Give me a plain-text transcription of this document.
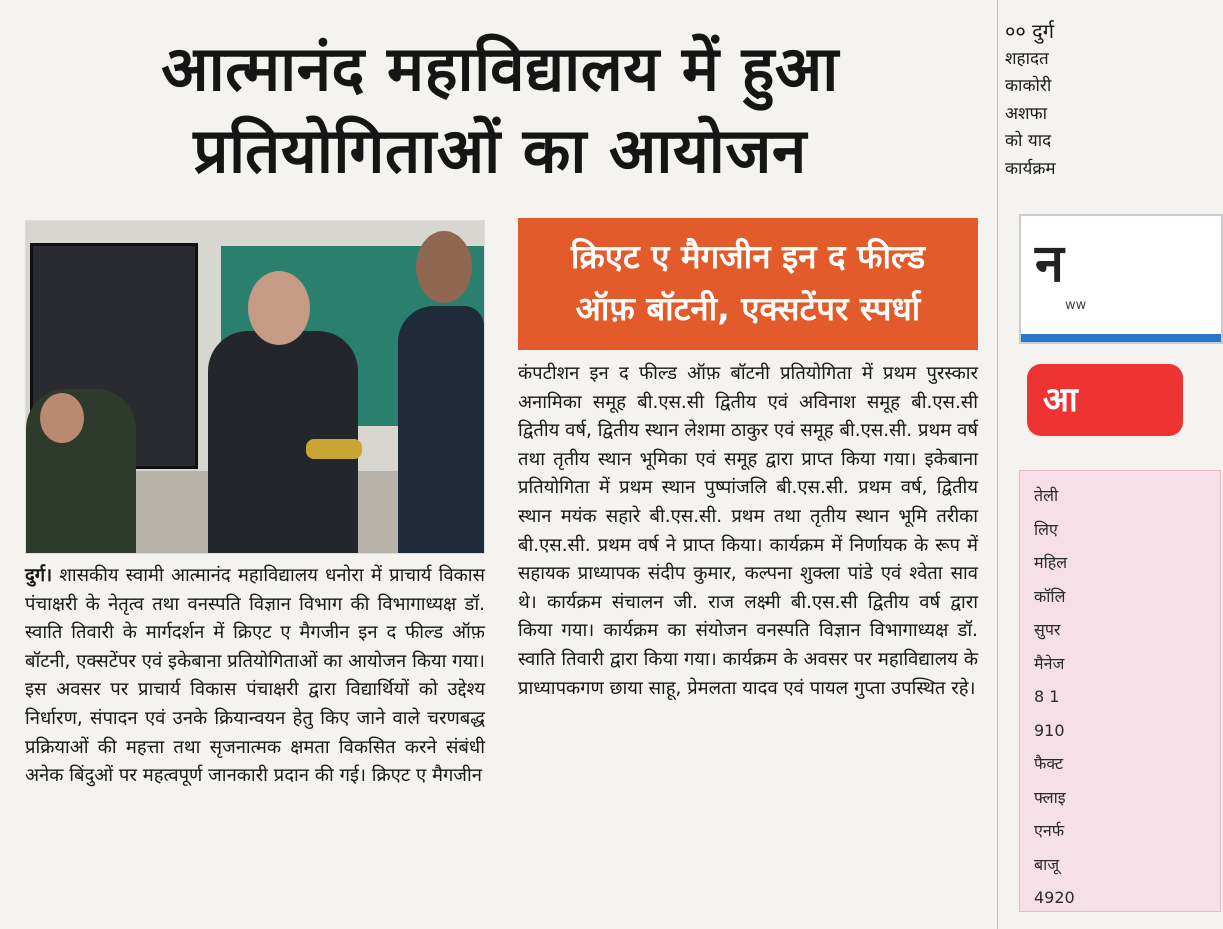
आत्मानंद महाविद्यालय में हुआ
प्रतियोगिताओं का आयोजन
दुर्ग। शासकीय स्वामी आत्मानंद महाविद्यालय धनोरा में प्राचार्य विकास पंचाक्षरी के नेतृत्व तथा वनस्पति विज्ञान विभाग की विभागाध्यक्ष डॉ. स्वाति तिवारी के मार्गदर्शन में क्रिएट ए मैगजीन इन द फील्ड ऑफ़ बॉटनी, एक्सटेंपर एवं इकेबाना प्रतियोगिताओं का आयोजन किया गया।इस अवसर पर प्राचार्य विकास पंचाक्षरी द्वारा विद्यार्थियों को उद्देश्य निर्धारण, संपादन एवं उनके क्रियान्वयन हेतु किए जाने वाले चरणबद्ध प्रक्रियाओं की महत्ता तथा सृजनात्मक क्षमता विकसित करने संबंधी अनेक बिंदुओं पर महत्वपूर्ण जानकारी प्रदान की गई। क्रिएट ए मैगजीन
क्रिएट ए मैगजीन इन द फील्ड
ऑफ़ बॉटनी, एक्सटेंपर स्पर्धा
कंपटीशन इन द फील्ड ऑफ़ बॉटनी प्रतियोगिता में प्रथम पुरस्कार अनामिका समूह बी.एस.सी द्वितीय एवं अविनाश समूह बी.एस.सी द्वितीय वर्ष, द्वितीय स्थान लेशमा ठाकुर एवं समूह बी.एस.सी. प्रथम वर्ष तथा तृतीय स्थान भूमिका एवं समूह द्वारा प्राप्त किया गया। इकेबाना प्रतियोगिता में प्रथम स्थान पुष्पांजलि बी.एस.सी. प्रथम वर्ष, द्वितीय स्थान मयंक सहारे बी.एस.सी. प्रथम तथा तृतीय स्थान भूमि तरीका बी.एस.सी. प्रथम वर्ष ने प्राप्त किया। कार्यक्रम में निर्णायक के रूप में सहायक प्राध्यापक संदीप कुमार, कल्पना शुक्ला पांडे एवं श्वेता साव थे। कार्यक्रम संचालन जी. राज लक्ष्मी बी.एस.सी द्वितीय वर्ष द्वारा किया गया। कार्यक्रम का संयोजन वनस्पति विज्ञान विभागाध्यक्ष डॉ. स्वाति तिवारी द्वारा किया गया। कार्यक्रम के अवसर पर महाविद्यालय के प्राध्यापकगण छाया साहू, प्रेमलता यादव एवं पायल गुप्ता उपस्थित रहे।
०० दुर्ग
शहादत
काकोरी
अशफा
को याद
कार्यक्रम
न
ww
आ
तेली
लिए
महिल
कॉलि
सुपर
मैनेज
8 1
910
फैक्ट
फ्लाइ
एनर्फ
बाजू
4920
